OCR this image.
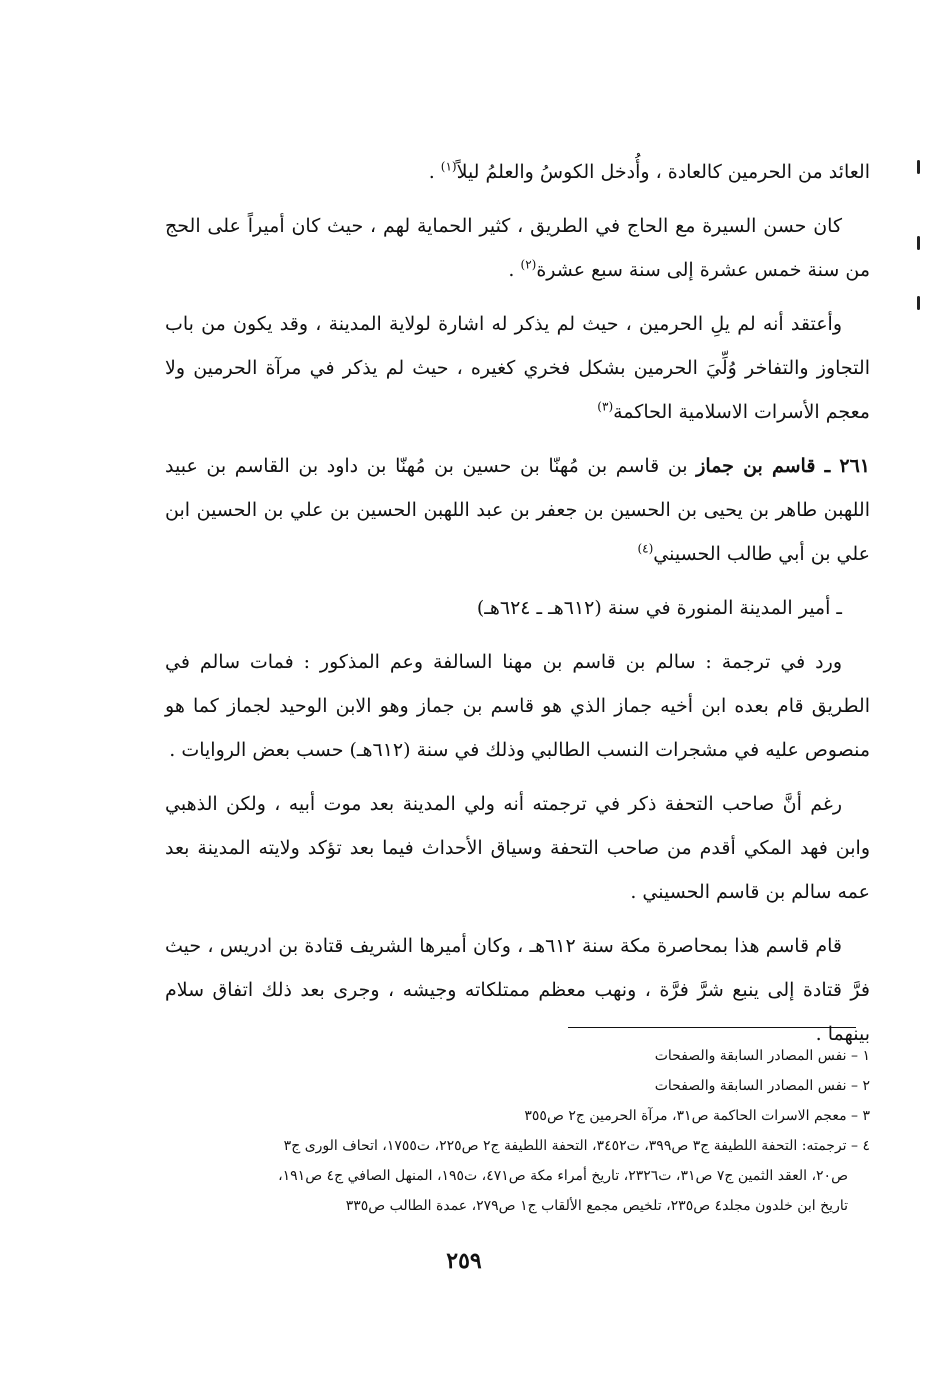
العائد من الحرمين كالعادة ، وأُدخل الكوسُ والعلمُ ليلاً$^{(١)}$ .

كان حسن السيرة مع الحاج في الطريق ، كثير الحماية لهم ، حيث كان أميراً على الحج من سنة خمس عشرة إلى سنة سبع عشرة$^{(٢)}$ .

وأعتقد أنه لم يلِ الحرمين ، حيث لم يذكر له اشارة لولاية المدينة ، وقد يكون من باب التجاوز والتفاخر وُلِّيَ الحرمين بشكل فخري كغيره ، حيث لم يذكر في مرآة الحرمين ولا معجم الأسرات الاسلامية الحاكمة$^{(٣)}$

٢٦١ ـ قاسم بن جماز بن قاسم بن مُهنّا بن حسين بن مُهنّا بن داود بن القاسم بن عبيد اللهبن طاهر بن يحيى بن الحسين بن جعفر بن عبد اللهبن الحسين بن علي بن الحسين ابن علي بن أبي طالب الحسيني$^{(٤)}$

ـ أمير المدينة المنورة في سنة (٦١٢هـ ـ ٦٢٤هـ)

ورد في ترجمة : سالم بن قاسم بن مهنا السالفة وعم المذكور : فمات سالم في الطريق قام بعده ابن أخيه جماز الذي هو قاسم بن جماز وهو الابن الوحيد لجماز كما هو منصوص عليه في مشجرات النسب الطالبي وذلك في سنة (٦١٢هـ) حسب بعض الروايات .

رغم أنَّ صاحب التحفة ذكر في ترجمته أنه ولي المدينة بعد موت أبيه ، ولكن الذهبي وابن فهد المكي أقدم من صاحب التحفة وسياق الأحداث فيما بعد تؤكد ولايته المدينة بعد عمه سالم بن قاسم الحسيني .

قام قاسم هذا بمحاصرة مكة سنة ٦١٢هـ ، وكان أميرها الشريف قتادة بن ادريس ، حيث فرَّ قتادة إلى ينبع شرَّ فرَّة ، ونهب معظم ممتلكاته وجيشه ، وجرى بعد ذلك اتفاق سلام بينهما .

١ – نفس المصادر السابقة والصفحات
٢ – نفس المصادر السابقة والصفحات
٣ – معجم الاسرات الحاكمة ص٣١، مرآة الحرمين ج٢ ص٣٥٥
٤ – ترجمته: التحفة اللطيفة ج٣ ص٣٩٩، ت٣٤٥٢، التحفة اللطيفة ج٢ ص٢٢٥، ت١٧٥٥، اتحاف الورى ج٣
ص٢٠، العقد الثمين ج٧ ص٣١، ت٢٣٢٦، تاريخ أمراء مكة ص٤٧١، ت١٩٥، المنهل الصافي ج٤ ص١٩١،
تاريخ ابن خلدون مجلد٤ ص٢٣٥، تلخيص مجمع الألقاب ج١ ص٢٧٩، عمدة الطالب ص٣٣٥
٢٥٩
